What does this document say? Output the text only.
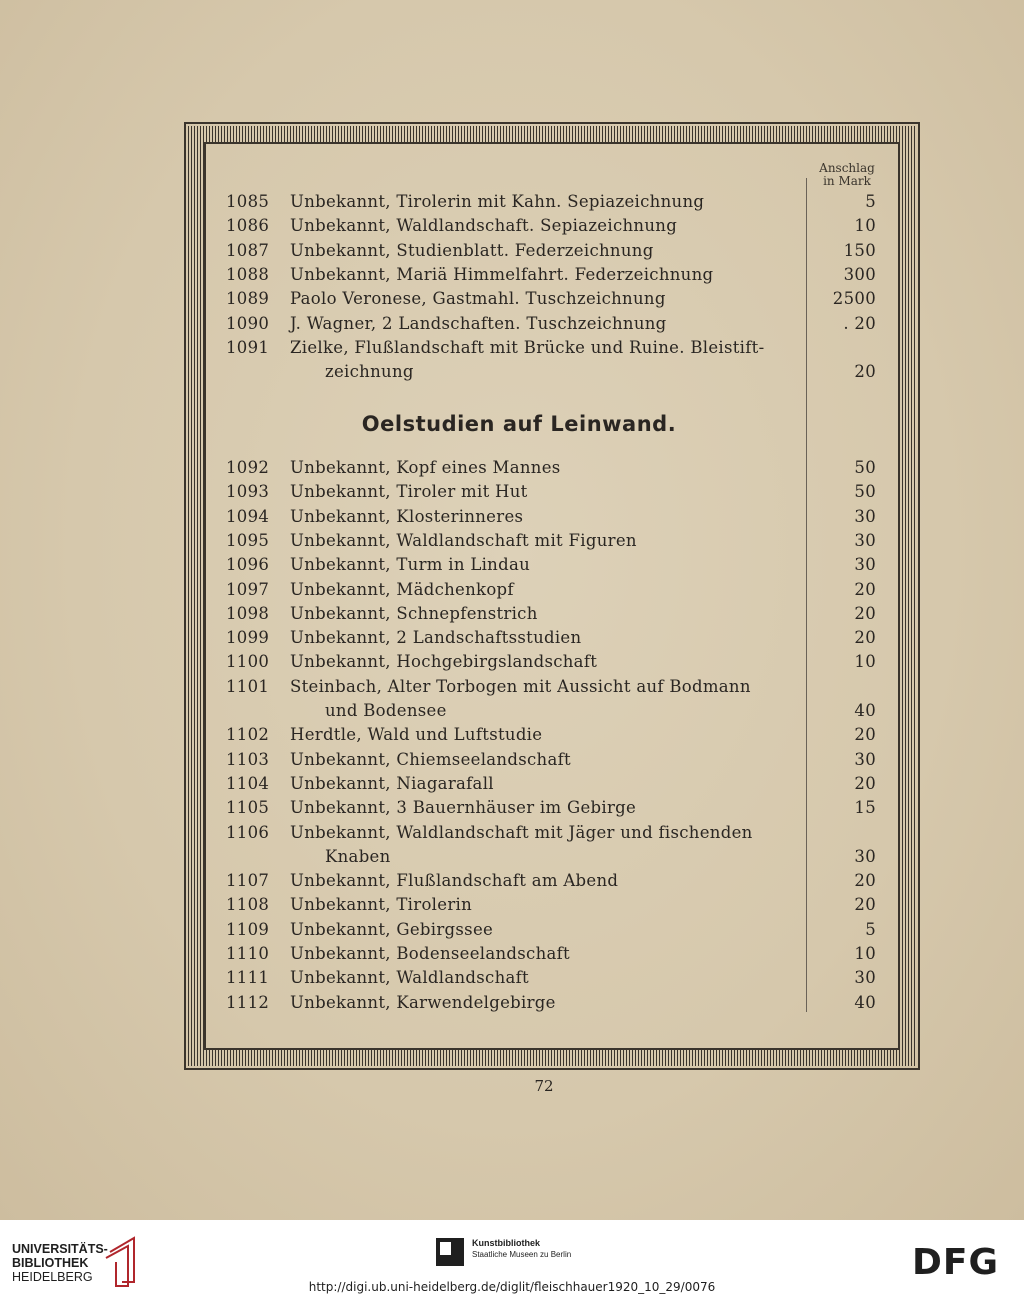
Anschlag
in Mark
1085	Unbekannt, Tirolerin mit Kahn. Sepiazeichnung	5
1086	Unbekannt, Waldlandschaft. Sepiazeichnung	10
1087	Unbekannt, Studienblatt. Federzeichnung	150
1088	Unbekannt, Mariä Himmelfahrt. Federzeichnung	300
1089	Paolo Veronese, Gastmahl. Tuschzeichnung	2500
1090	J. Wagner, 2 Landschaften. Tuschzeichnung	. 20
1091	Zielke, Flußlandschaft mit Brücke und Ruine. Bleistift-
zeichnung	20
Oelstudien auf Leinwand.
1092	Unbekannt, Kopf eines Mannes	50
1093	Unbekannt, Tiroler mit Hut	50
1094	Unbekannt, Klosterinneres	30
1095	Unbekannt, Waldlandschaft mit Figuren	30
1096	Unbekannt, Turm in Lindau	30
1097	Unbekannt, Mädchenkopf	20
1098	Unbekannt, Schnepfenstrich	20
1099	Unbekannt, 2 Landschaftsstudien	20
1100	Unbekannt, Hochgebirgslandschaft	10
1101	Steinbach, Alter Torbogen mit Aussicht auf Bodmann
und Bodensee	40
1102	Herdtle, Wald und Luftstudie	20
1103	Unbekannt, Chiemseelandschaft	30
1104	Unbekannt, Niagarafall	20
1105	Unbekannt, 3 Bauernhäuser im Gebirge	15
1106	Unbekannt, Waldlandschaft mit Jäger und fischenden
Knaben	30
1107	Unbekannt, Flußlandschaft am Abend	20
1108	Unbekannt, Tirolerin	20
1109	Unbekannt, Gebirgssee	5
1110	Unbekannt, Bodenseelandschaft	10
1111	Unbekannt, Waldlandschaft	30
1112	Unbekannt, Karwendelgebirge	40
72
UNIVERSITÄTS-
BIBLIOTHEK
HEIDELBERG
Kunstbibliothek
Staatliche Museen zu Berlin	DFG
http://digi.ub.uni-heidelberg.de/diglit/fleischhauer1920_10_29/0076
